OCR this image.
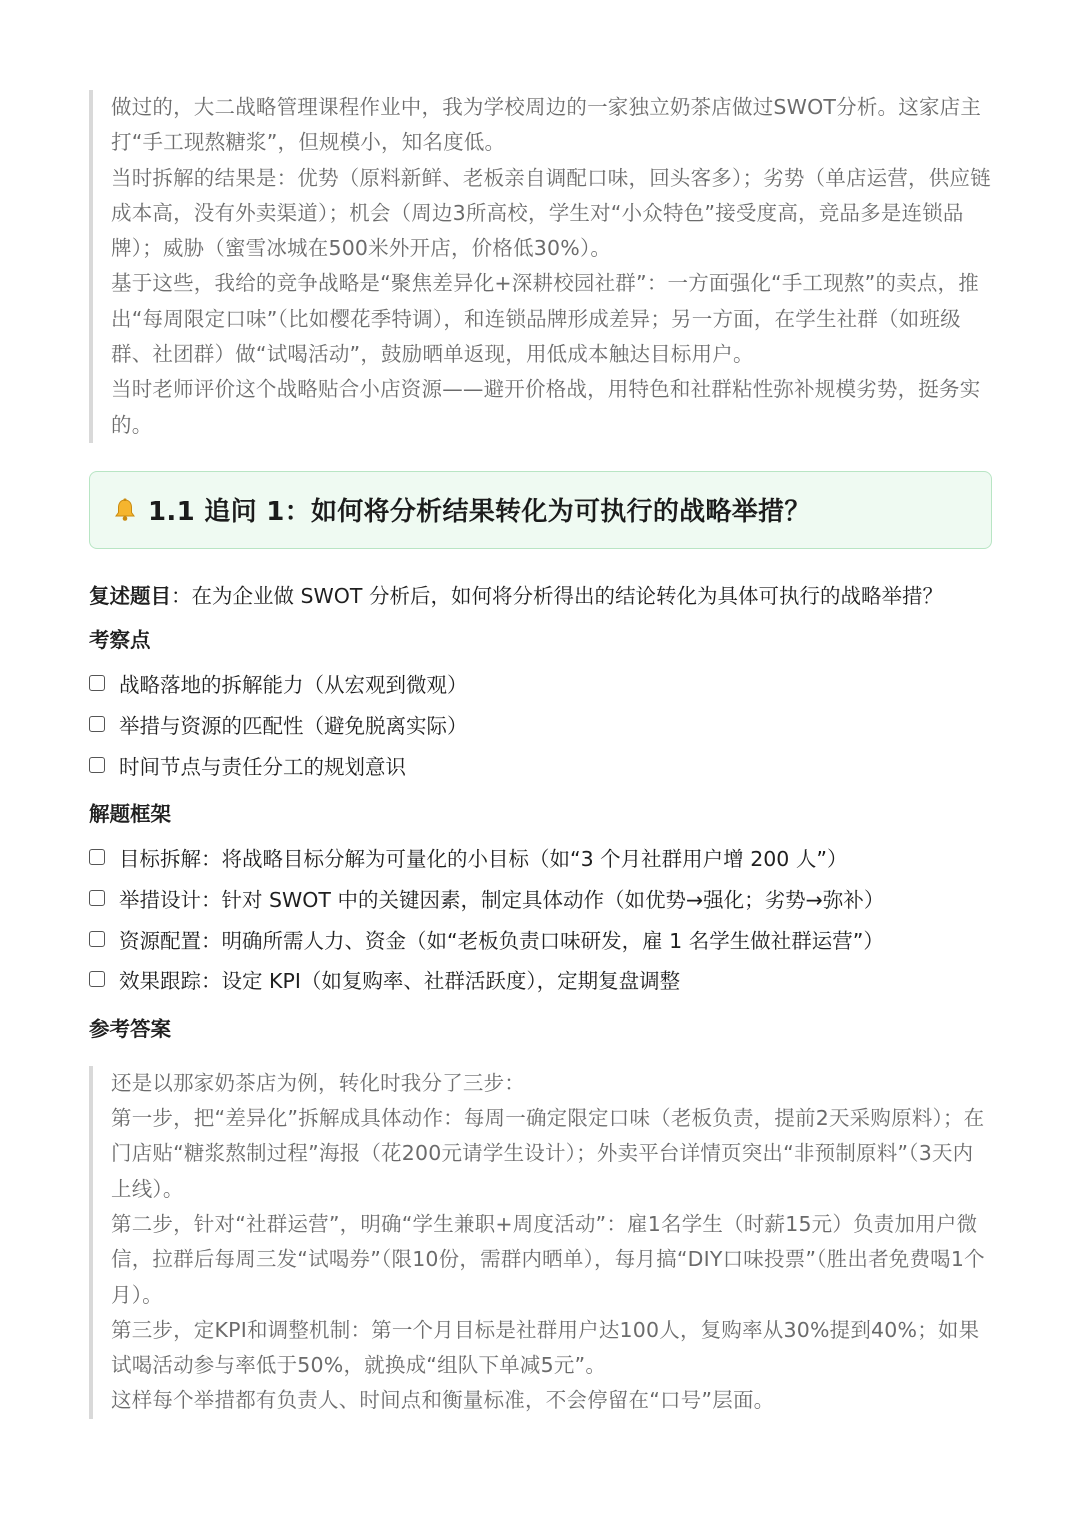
做过的，大二战略管理课程作业中，我为学校周边的一家独立奶茶店做过SWOT分析。这家店主打“手工现熬糖浆”，但规模小，知名度低。

当时拆解的结果是：优势（原料新鲜、老板亲自调配口味，回头客多）；劣势（单店运营，供应链成本高，没有外卖渠道）；机会（周边3所高校，学生对“小众特色”接受度高，竞品多是连锁品牌）；威胁（蜜雪冰城在500米外开店，价格低30%）。

基于这些，我给的竞争战略是“聚焦差异化+深耕校园社群”：一方面强化“手工现熬”的卖点，推出“每周限定口味”（比如樱花季特调），和连锁品牌形成差异；另一方面，在学生社群（如班级群、社团群）做“试喝活动”，鼓励晒单返现，用低成本触达目标用户。

当时老师评价这个战略贴合小店资源——避开价格战，用特色和社群粘性弥补规模劣势，挺务实的。

1.1 追问 1：如何将分析结果转化为可执行的战略举措？
复述题目：在为企业做 SWOT 分析后，如何将分析得出的结论转化为具体可执行的战略举措？
考察点
战略落地的拆解能力（从宏观到微观）
举措与资源的匹配性（避免脱离实际）
时间节点与责任分工的规划意识
解题框架
目标拆解：将战略目标分解为可量化的小目标（如“3 个月社群用户增 200 人”）
举措设计：针对 SWOT 中的关键因素，制定具体动作（如优势→强化；劣势→弥补）
资源配置：明确所需人力、资金（如“老板负责口味研发，雇 1 名学生做社群运营”）
效果跟踪：设定 KPI（如复购率、社群活跃度），定期复盘调整
参考答案

还是以那家奶茶店为例，转化时我分了三步：

第一步，把“差异化”拆解成具体动作：每周一确定限定口味（老板负责，提前2天采购原料）；在门店贴“糖浆熬制过程”海报（花200元请学生设计）；外卖平台详情页突出“非预制原料”（3天内上线）。

第二步，针对“社群运营”，明确“学生兼职+周度活动”：雇1名学生（时薪15元）负责加用户微信，拉群后每周三发“试喝券”（限10份，需群内晒单），每月搞“DIY口味投票”（胜出者免费喝1个月）。

第三步，定KPI和调整机制：第一个月目标是社群用户达100人，复购率从30%提到40%；如果试喝活动参与率低于50%，就换成“组队下单减5元”。

这样每个举措都有负责人、时间点和衡量标准，不会停留在“口号”层面。
